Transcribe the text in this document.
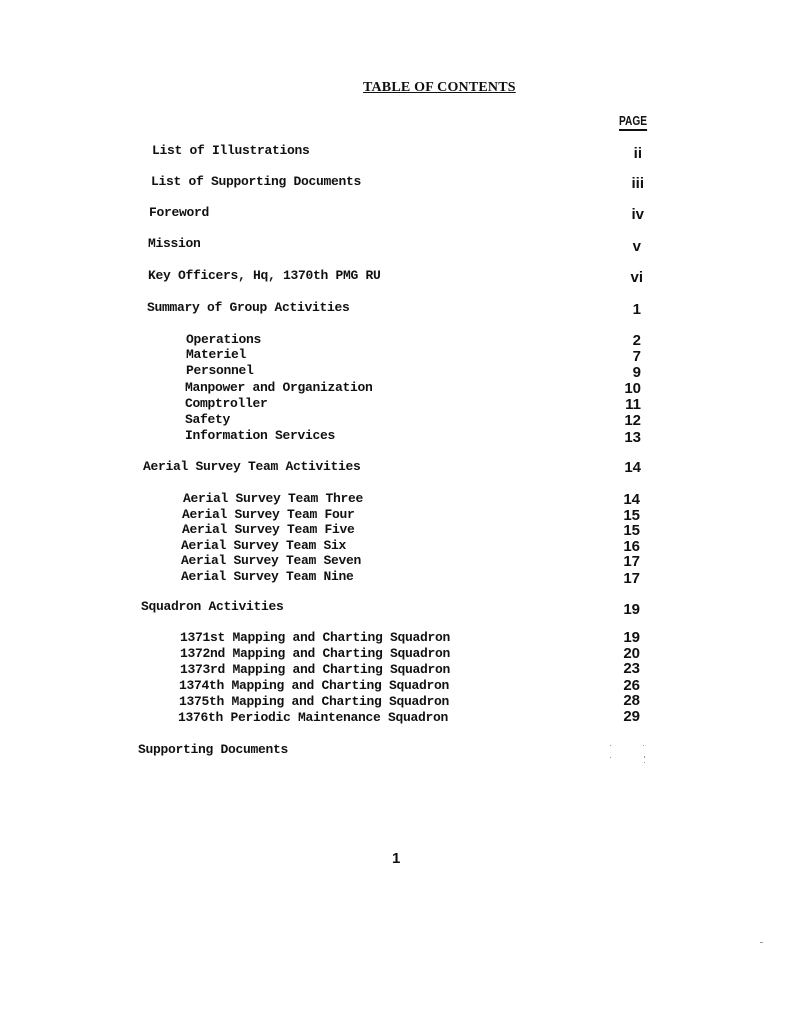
TABLE OF CONTENTS
PAGE
List of Illustrations	ii
List of Supporting Documents	iii
Foreword	iv
Mission	v
Key Officers, Hq, 1370th PMG RU	vi
Summary of Group Activities	1
Operations	2
Materiel	7
Personnel	9
Manpower and Organization	10
Comptroller	11
Safety	12
Information Services	13
Aerial Survey Team Activities	14
Aerial Survey Team Three	14
Aerial Survey Team Four	15
Aerial Survey Team Five	15
Aerial Survey Team Six	16
Aerial Survey Team Seven	17
Aerial Survey Team Nine	17
Squadron Activities	19
1371st Mapping and Charting Squadron	19
1372nd Mapping and Charting Squadron	20
1373rd Mapping and Charting Squadron	23
1374th Mapping and Charting Squadron	26
1375th Mapping and Charting Squadron	28
1376th Periodic Maintenance Squadron	29
Supporting Documents
1
